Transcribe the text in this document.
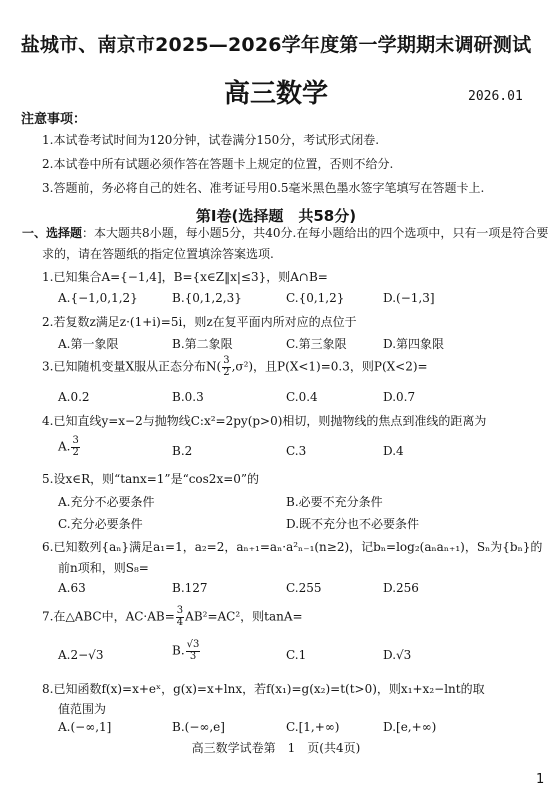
盐城市、南京市2025—2026学年度第一学期期末调研测试
高三数学	2026.01
注意事项：
1.本试卷考试时间为120分钟，试卷满分150分，考试形式闭卷.
2.本试卷中所有试题必须作答在答题卡上规定的位置，否则不给分.
3.答题前，务必将自己的姓名、准考证号用0.5毫米黑色墨水签字笔填写在答题卡上.
第Ⅰ卷(选择题　共58分)
一、选择题：本大题共8小题，每小题5分，共40分.在每小题给出的四个选项中，只有一项是符合要
求的，请在答题纸的指定位置填涂答案选项.
1.已知集合A={−1,4]，B={x∈Z‖x|≤3}，则A∩B=
A.{−1,0,1,2}	B.{0,1,2,3}	C.{0,1,2}	D.(−1,3]
2.若复数z满足z·(1+i)=5i，则z在复平面内所对应的点位于
A.第一象限	B.第二象限	C.第三象限	D.第四象限
3.已知随机变量X服从正态分布$N( \frac{3}{2} ,\sigma^2)$，且P(X<1)=0.3，则P(X<2)=
A.0.2	B.0.3	C.0.4	D.0.7
4.已知直线y=x−2与抛物线C:x²=2py(p>0)相切，则抛物线的焦点到准线的距离为
A. $\frac{3}{2}$	B.2	C.3	D.4
5.设x∈R，则“tanx=1”是“cos2x=0”的
A.充分不必要条件	B.必要不充分条件
C.充分必要条件	D.既不充分也不必要条件
6.已知数列{aₙ}满足a₁=1，a₂=2，aₙ₊₁=aₙ·a²ₙ₋₁(n≥2)，记bₙ=log₂(aₙaₙ₊₁)，Sₙ为{bₙ}的
前n项和，则S₈=
A.63	B.127	C.255	D.256
7.在△ABC中，$AC\cdot AB= \frac{3}{4} AB^2=AC^2$，则tanA=
A.2−√3	B. $\frac{√3}{3}$	C.1	D.√3
8.已知函数f(x)=x+eˣ，g(x)=x+lnx，若f(x₁)=g(x₂)=t(t>0)，则x₁+x₂−lnt的取
值范围为
A.(−∞,1]	B.(−∞,e]	C.[1,+∞)	D.[e,+∞)
高三数学试卷第　1　页(共4页)
1
